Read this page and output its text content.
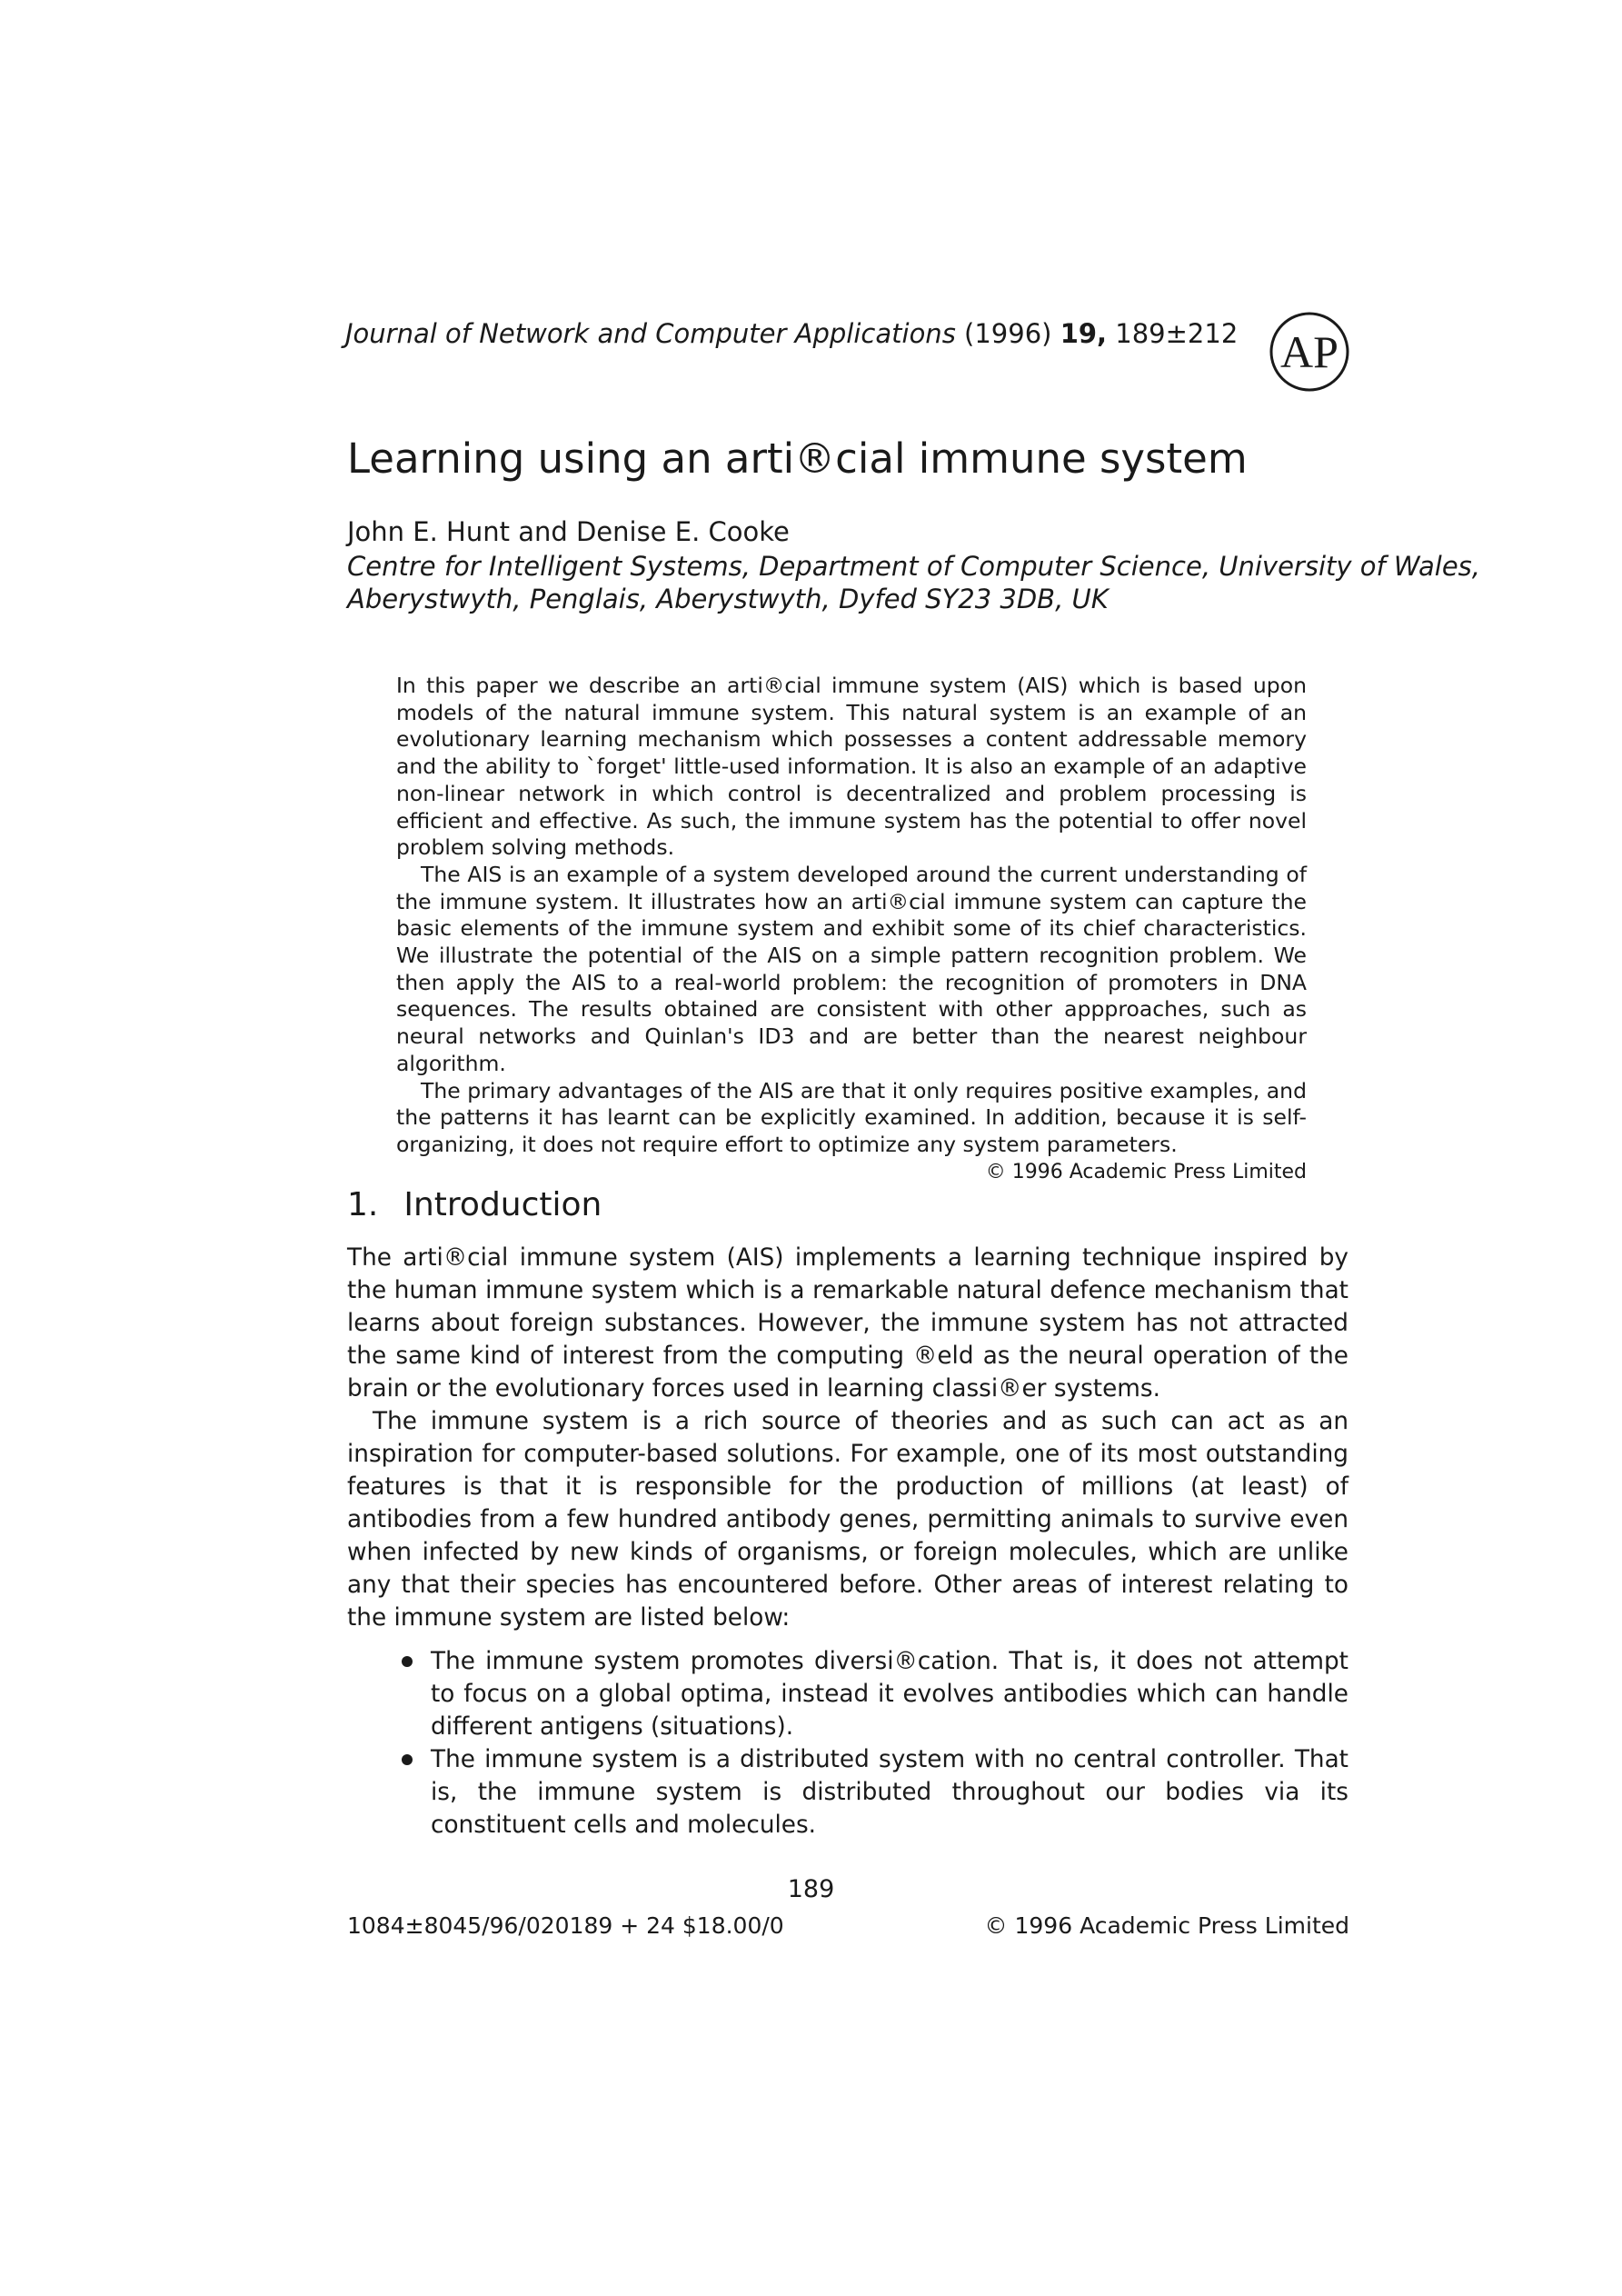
Journal of Network and Computer Applications (1996) 19, 189±212 AP
Learning using an arti®cial immune system
John E. Hunt and Denise E. Cooke
Centre for Intelligent Systems, Department of Computer Science, University of Wales,
Aberystwyth, Penglais, Aberystwyth, Dyfed SY23 3DB, UK

In this paper we describe an arti®cial immune system (AIS) which is based upon models of the natural immune system. This natural system is an example of an evolutionary learning mechanism which possesses a content addressable memory and the ability to `forget' little-used information. It is also an example of an adaptive non-linear network in which control is decentralized and problem processing is efficient and effective. As such, the immune system has the potential to offer novel problem solving methods.

The AIS is an example of a system developed around the current understanding of the immune system. It illustrates how an arti®cial immune system can capture the basic elements of the immune system and exhibit some of its chief characteristics. We illustrate the potential of the AIS on a simple pattern recognition problem. We then apply the AIS to a real-world problem: the recognition of promoters in DNA sequences. The results obtained are consistent with other appproaches, such as neural networks and Quinlan's ID3 and are better than the nearest neighbour algorithm.

The primary advantages of the AIS are that it only requires positive examples, and the patterns it has learnt can be explicitly examined. In addition, because it is self-organizing, it does not require effort to optimize any system parameters.

© 1996 Academic Press Limited

1. Introduction

The arti®cial immune system (AIS) implements a learning technique inspired by the human immune system which is a remarkable natural defence mechanism that learns about foreign substances. However, the immune system has not attracted the same kind of interest from the computing ®eld as the neural operation of the brain or the evolutionary forces used in learning classi®er systems.

The immune system is a rich source of theories and as such can act as an inspiration for computer-based solutions. For example, one of its most outstanding features is that it is responsible for the production of millions (at least) of antibodies from a few hundred antibody genes, permitting animals to survive even when infected by new kinds of organisms, or foreign molecules, which are unlike any that their species has encountered before. Other areas of interest relating to the immune system are listed below:

The immune system promotes diversi®cation. That is, it does not attempt to focus on a global optima, instead it evolves antibodies which can handle different antigens (situations).
The immune system is a distributed system with no central controller. That is, the immune system is distributed throughout our bodies via its constituent cells and molecules.
189
1084±8045/96/020189 + 24 $18.00/0	© 1996 Academic Press Limited
